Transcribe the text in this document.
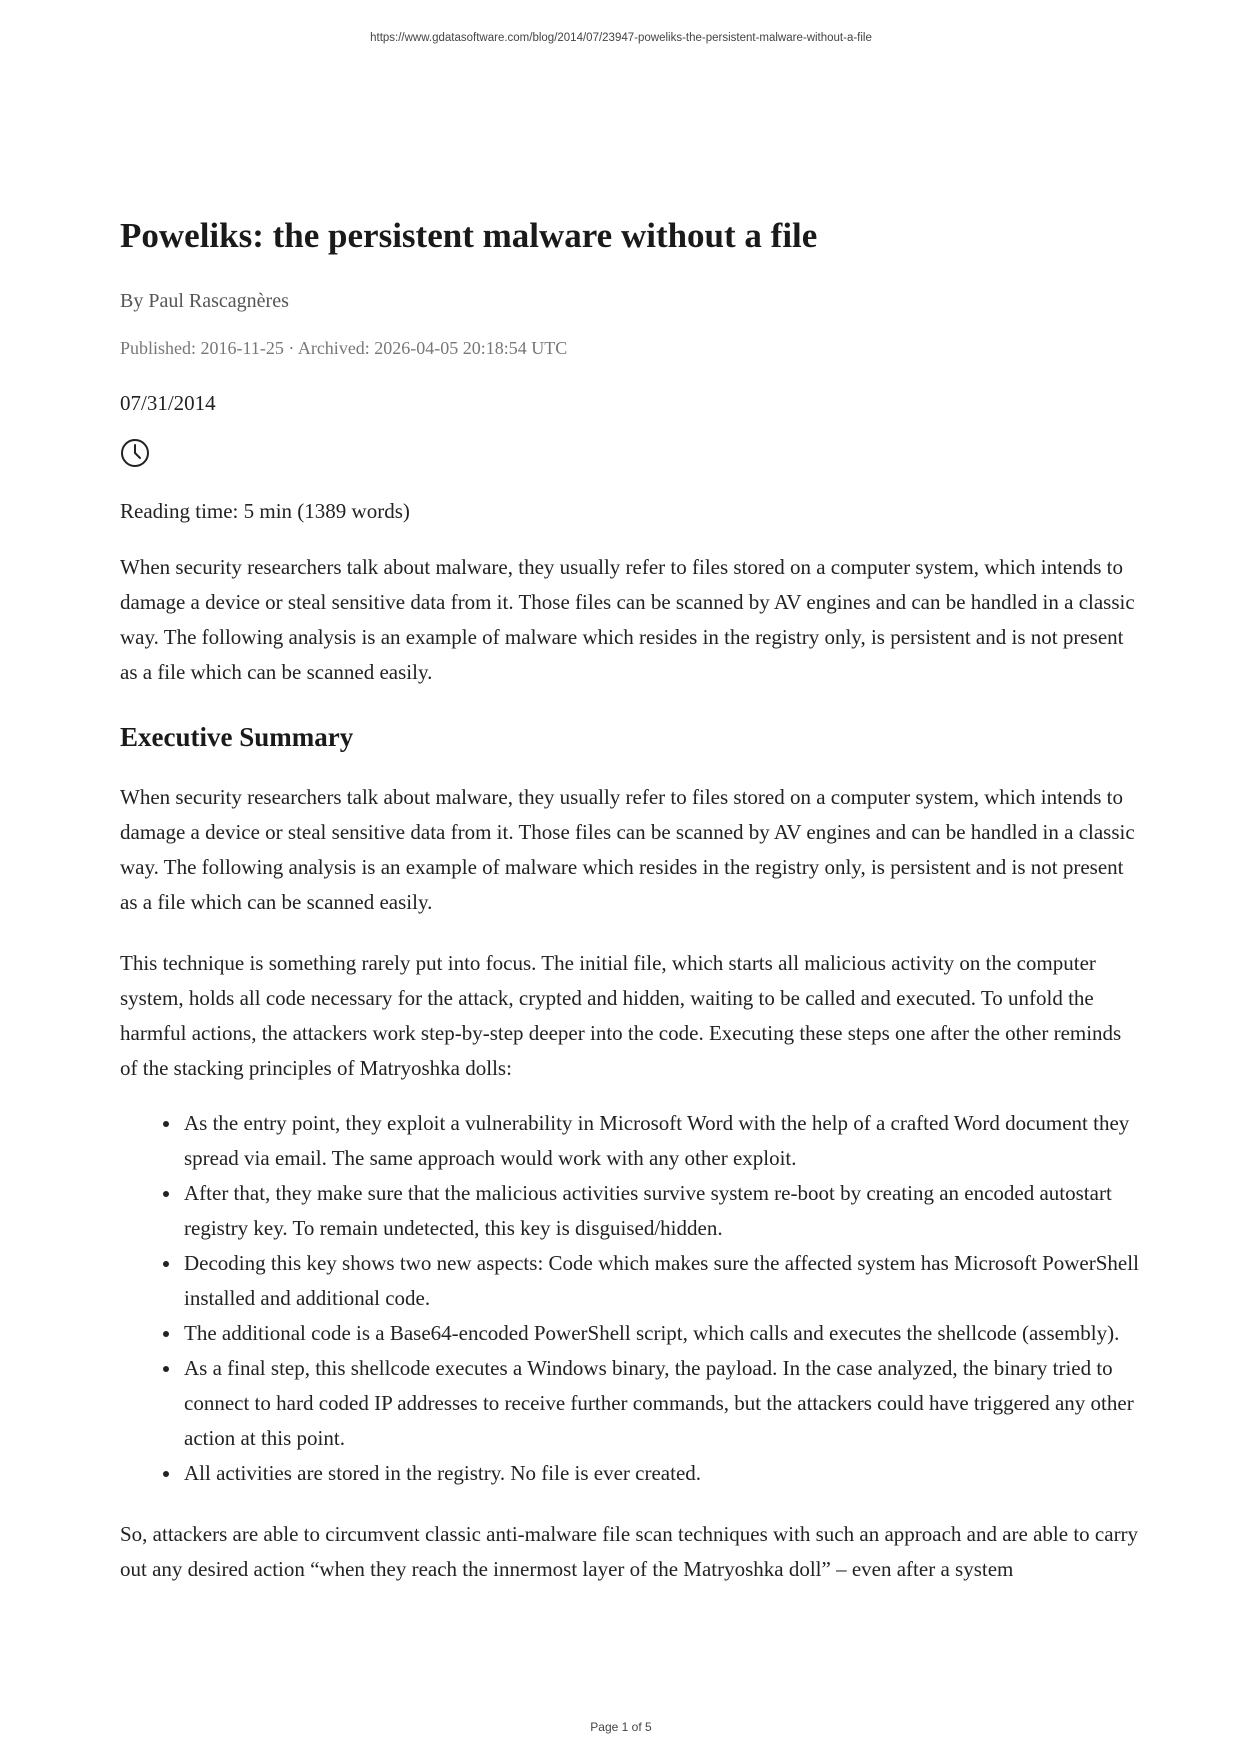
https://www.gdatasoftware.com/blog/2014/07/23947-poweliks-the-persistent-malware-without-a-file
Poweliks: the persistent malware without a file
By Paul Rascagnères
Published: 2016-11-25 · Archived: 2026-04-05 20:18:54 UTC
07/31/2014
Reading time: 5 min (1389 words)

When security researchers talk about malware, they usually refer to files stored on a computer system, which intends to damage a device or steal sensitive data from it. Those files can be scanned by AV engines and can be handled in a classic way. The following analysis is an example of malware which resides in the registry only, is persistent and is not present as a file which can be scanned easily.

Executive Summary

When security researchers talk about malware, they usually refer to files stored on a computer system, which intends to damage a device or steal sensitive data from it. Those files can be scanned by AV engines and can be handled in a classic way. The following analysis is an example of malware which resides in the registry only, is persistent and is not present as a file which can be scanned easily.

This technique is something rarely put into focus. The initial file, which starts all malicious activity on the computer system, holds all code necessary for the attack, crypted and hidden, waiting to be called and executed. To unfold the harmful actions, the attackers work step-by-step deeper into the code. Executing these steps one after the other reminds of the stacking principles of Matryoshka dolls:

• As the entry point, they exploit a vulnerability in Microsoft Word with the help of a crafted Word document they spread via email. The same approach would work with any other exploit.
• After that, they make sure that the malicious activities survive system re-boot by creating an encoded autostart registry key. To remain undetected, this key is disguised/hidden.
• Decoding this key shows two new aspects: Code which makes sure the affected system has Microsoft PowerShell installed and additional code.
• The additional code is a Base64-encoded PowerShell script, which calls and executes the shellcode (assembly).
• As a final step, this shellcode executes a Windows binary, the payload. In the case analyzed, the binary tried to connect to hard coded IP addresses to receive further commands, but the attackers could have triggered any other action at this point.
• All activities are stored in the registry. No file is ever created.

So, attackers are able to circumvent classic anti-malware file scan techniques with such an approach and are able to carry out any desired action “when they reach the innermost layer of the Matryoshka doll” – even after a system

Page 1 of 5
